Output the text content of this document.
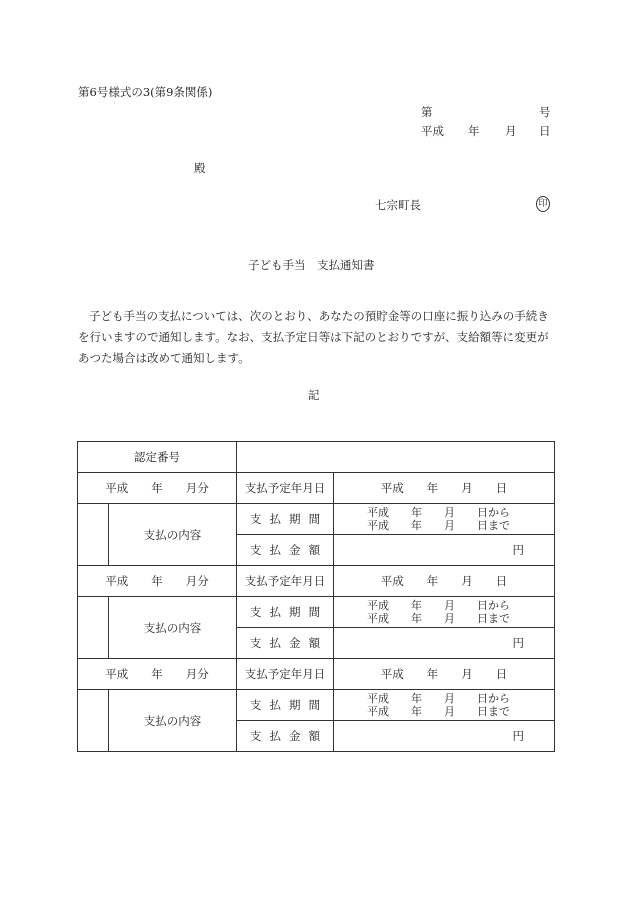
第6号様式の3(第9条関係)
第	号
平成 年 月 日
殿
七宗町長	印
子ども手当　支払通知書
子ども手当の支払については、次のとおり、あなたの預貯金等の口座に振り込みの手続きを行いますので通知します。なお、支払予定日等は下記のとおりですが、支給額等に変更があつた場合は改めて通知します。
記
認定番号			
平成　　年　　月分		支払予定年月日	平成　　年　　月　　日
	支払の内容	支払期間	平成　　年　　月　　日から
平成　　年　　月　　日まで

		支払金額	円
平成　　年　　月分		支払予定年月日	平成　　年　　月　　日
	支払の内容	支払期間	平成　　年　　月　　日から
平成　　年　　月　　日まで

		支払金額	円
平成　　年　　月分		支払予定年月日	平成　　年　　月　　日
	支払の内容	支払期間	平成　　年　　月　　日から
平成　　年　　月　　日まで

		支払金額	円
